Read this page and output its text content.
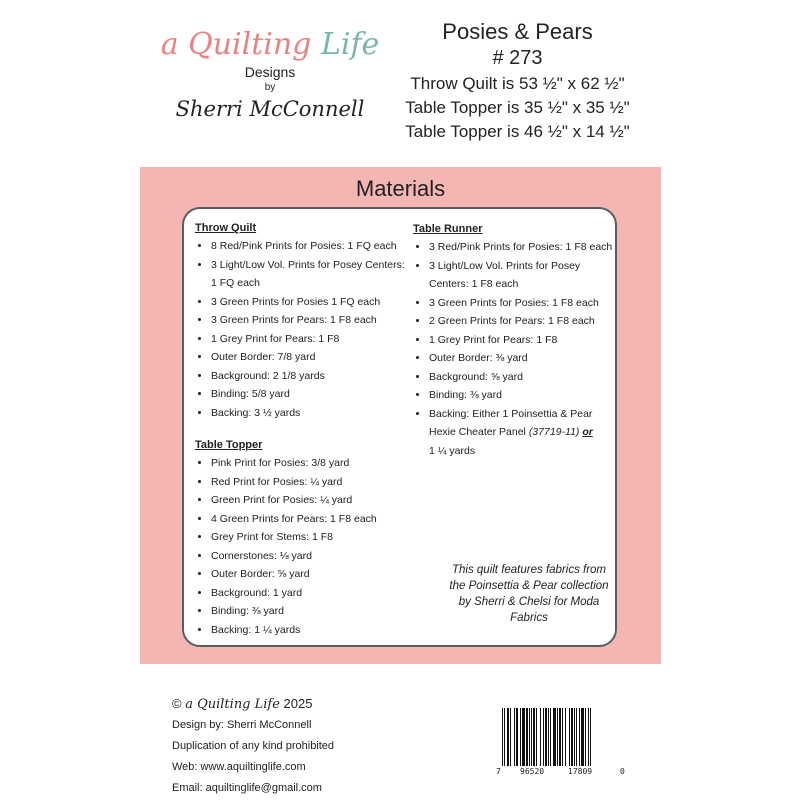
a Quilting Life
Designs
by
Sherri McConnell
Posies & Pears
# 273
Throw Quilt is 53 ½" x 62 ½"
Table Topper is 35 ½" x 35 ½"
Table Topper is 46 ½" x 14 ½"
Materials
Throw Quilt
• 8 Red/Pink Prints for Posies: 1 FQ each
• 3 Light/Low Vol. Prints for Posey Centers: 1 FQ each
• 3 Green Prints for Posies 1 FQ each
• 3 Green Prints for Pears: 1 F8 each
• 1 Grey Print for Pears: 1 F8
• Outer Border: 7/8 yard
• Background: 2 1/8 yards
• Binding: 5/8 yard
• Backing: 3 ½ yards
Table Topper
• Pink Print for Posies: 3/8 yard
• Red Print for Posies: ¼ yard
• Green Print for Posies: ¼ yard
• 4 Green Prints for Pears: 1 F8 each
• Grey Print for Stems: 1 F8
• Cornerstones: ⅛ yard
• Outer Border: ⅝ yard
• Background: 1 yard
• Binding: ⅜ yard
• Backing: 1 ¼ yards
Table Runner
• 3 Red/Pink Prints for Posies: 1 F8 each
• 3 Light/Low Vol. Prints for Posey Centers: 1 F8 each
• 3 Green Prints for Posies: 1 F8 each
• 2 Green Prints for Pears: 1 F8 each
• 1 Grey Print for Pears: 1 F8
• Outer Border: ⅜ yard
• Background: ⅝ yard
• Binding: ⅜ yard
• Backing: Either 1 Poinsettia & Pear Hexie Cheater Panel (37719-11) or
1 ¼ yards
This quilt features fabrics from the Poinsettia & Pear collection by Sherri & Chelsi for Moda Fabrics
© a Quilting Life 2025
Design by: Sherri McConnell
Duplication of any kind prohibited
Web: www.aquiltinglife.com
Email: aquiltinglife@gmail.com
7 96520	17809	0
